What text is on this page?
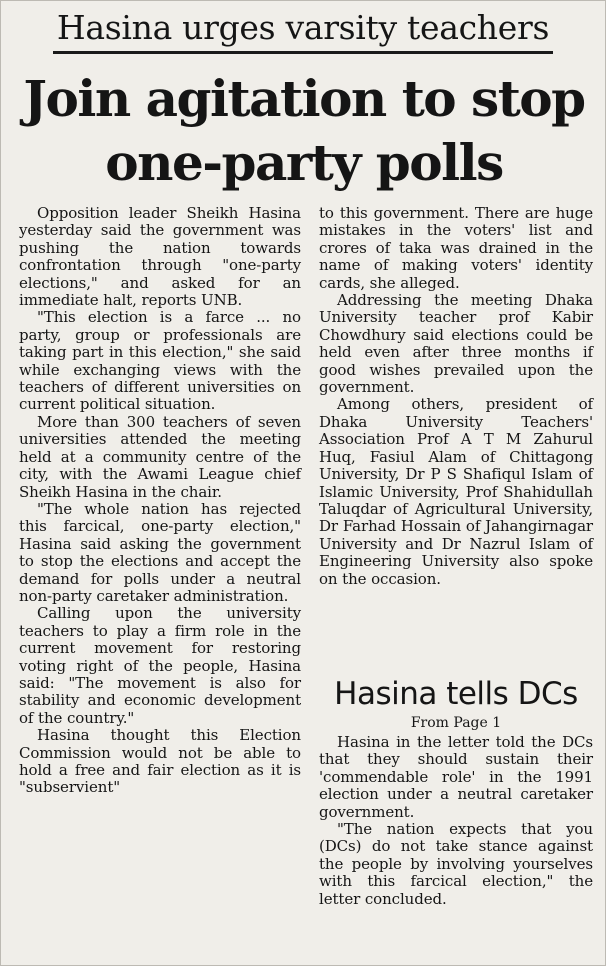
Hasina urges varsity teachers
Join agitation to stop
one-party polls

Opposition leader Sheikh Hasina yesterday said the government was pushing the nation towards confrontation through "one-party elections," and asked for an immediate halt, reports UNB.

"This election is a farce ... no party, group or professionals are taking part in this election," she said while exchanging views with the teachers of different universities on current political situation.

More than 300 teachers of seven universities attended the meeting held at a community centre of the city, with the Awami League chief Sheikh Hasina in the chair.

"The whole nation has rejected this farcical, one-party election," Hasina said asking the government to stop the elections and accept the demand for polls under a neutral non-party caretaker administration.

Calling upon the university teachers to play a firm role in the current movement for restoring voting right of the people, Hasina said: "The movement is also for stability and economic development of the country."

Hasina thought this Election Commission would not be able to hold a free and fair election as it is "subservient"

to this government. There are huge mistakes in the voters' list and crores of taka was drained in the name of making voters' identity cards, she alleged.

Addressing the meeting Dhaka University teacher prof Kabir Chowdhury said elections could be held even after three months if good wishes prevailed upon the government.

Among others, president of Dhaka University Teachers' Association Prof A T M Zahurul Huq, Fasiul Alam of Chittagong University, Dr P S Shafiqul Islam of Islamic University, Prof Shahidullah Taluqdar of Agricultural University, Dr Farhad Hossain of Jahangirnagar University and Dr Nazrul Islam of Engineering University also spoke on the occasion.

Hasina tells DCs
From Page 1

Hasina in the letter told the DCs that they should sustain their 'commendable role' in the 1991 election under a neutral caretaker government.

"The nation expects that you (DCs) do not take stance against the people by involving yourselves with this farcical election," the letter concluded.
